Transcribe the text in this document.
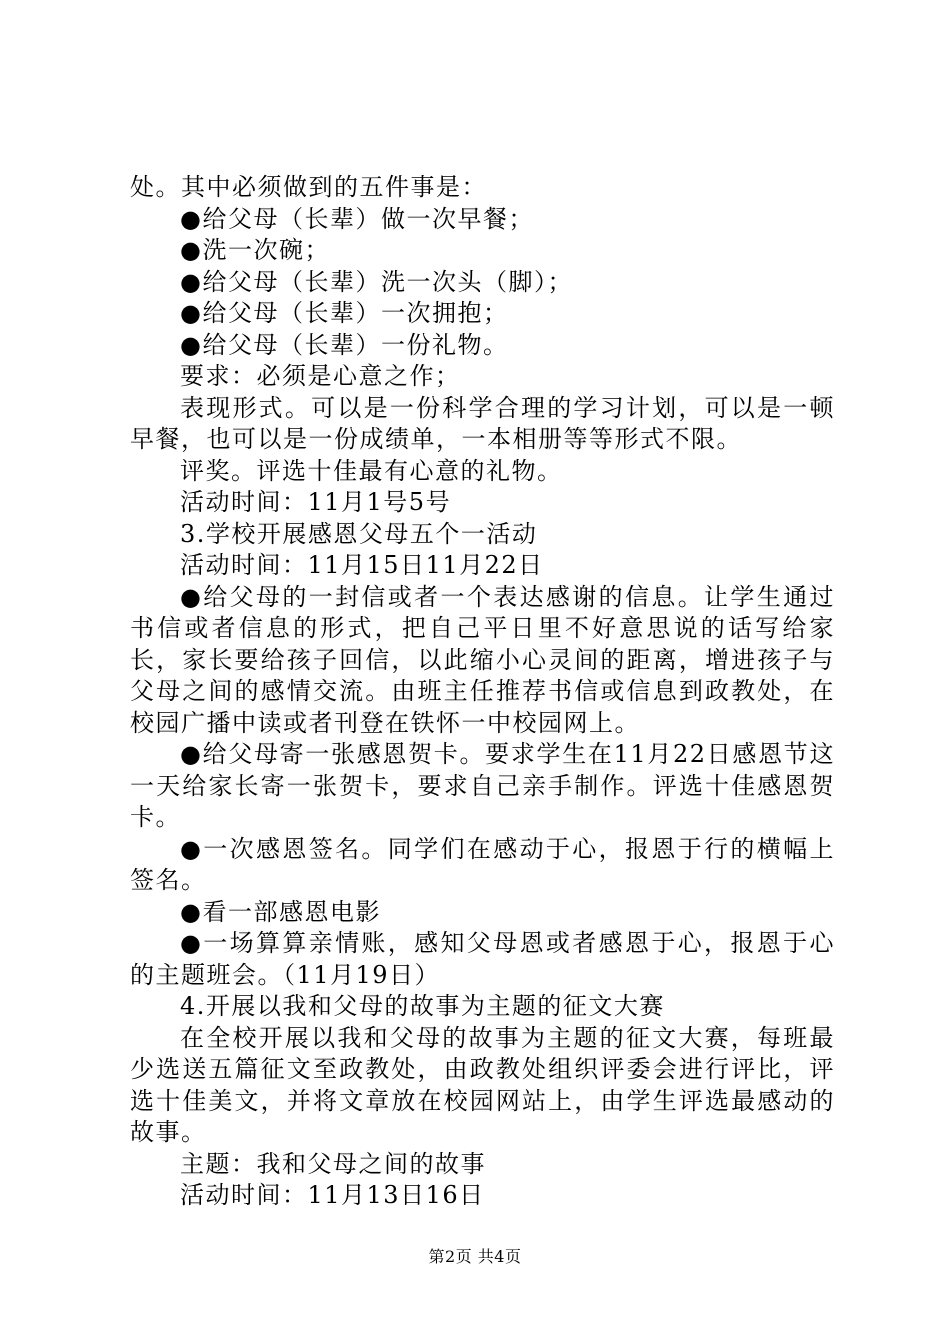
处。其中必须做到的五件事是：

●给父母（长辈）做一次早餐；

●洗一次碗；

●给父母（长辈）洗一次头（脚）；

●给父母（长辈）一次拥抱；

●给父母（长辈）一份礼物。

要求：必须是心意之作；

表现形式。可以是一份科学合理的学习计划，可以是一顿早餐，也可以是一份成绩单，一本相册等等形式不限。

评奖。评选十佳最有心意的礼物。

活动时间：11月1号5号

3.学校开展感恩父母五个一活动

活动时间：11月15日11月22日

●给父母的一封信或者一个表达感谢的信息。让学生通过书信或者信息的形式，把自己平日里不好意思说的话写给家长，家长要给孩子回信，以此缩小心灵间的距离，增进孩子与父母之间的感情交流。由班主任推荐书信或信息到政教处，在校园广播中读或者刊登在铁怀一中校园网上。

●给父母寄一张感恩贺卡。要求学生在11月22日感恩节这一天给家长寄一张贺卡，要求自己亲手制作。评选十佳感恩贺卡。

●一次感恩签名。同学们在感动于心，报恩于行的横幅上签名。

●看一部感恩电影

●一场算算亲情账，感知父母恩或者感恩于心，报恩于心的主题班会。（11月19日）

4.开展以我和父母的故事为主题的征文大赛

在全校开展以我和父母的故事为主题的征文大赛，每班最少选送五篇征文至政教处，由政教处组织评委会进行评比，评选十佳美文，并将文章放在校园网站上，由学生评选最感动的故事。

主题：我和父母之间的故事

活动时间：11月13日16日

第2页 共4页
